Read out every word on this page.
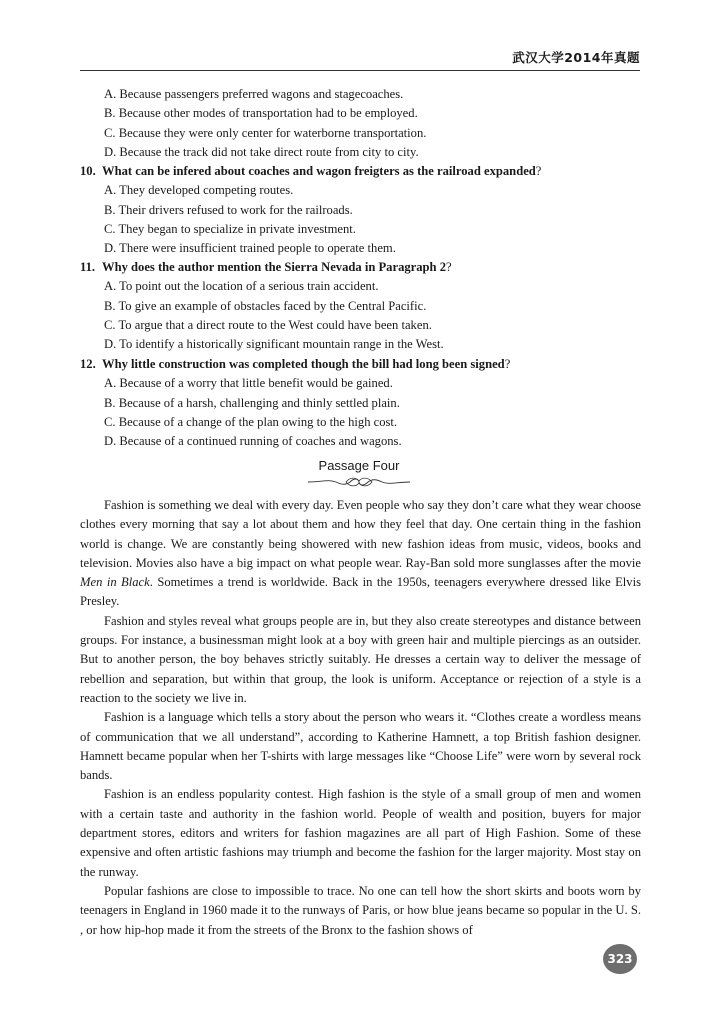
武汉大学2014年真题
A. Because passengers preferred wagons and stagecoaches.
B. Because other modes of transportation had to be employed.
C. Because they were only center for waterborne transportation.
D. Because the track did not take direct route from city to city.
10. What can be infered about coaches and wagon freigters as the railroad expanded?
A. They developed competing routes.
B. Their drivers refused to work for the railroads.
C. They began to specialize in private investment.
D. There were insufficient trained people to operate them.
11. Why does the author mention the Sierra Nevada in Paragraph 2?
A. To point out the location of a serious train accident.
B. To give an example of obstacles faced by the Central Pacific.
C. To argue that a direct route to the West could have been taken.
D. To identify a historically significant mountain range in the West.
12. Why little construction was completed though the bill had long been signed?
A. Because of a worry that little benefit would be gained.
B. Because of a harsh, challenging and thinly settled plain.
C. Because of a change of the plan owing to the high cost.
D. Because of a continued running of coaches and wagons.
Passage Four

Fashion is something we deal with every day. Even people who say they don’t care what they wear choose clothes every morning that say a lot about them and how they feel that day. One certain thing in the fashion world is change. We are constantly being showered with new fashion ideas from music, videos, books and television. Movies also have a big impact on what people wear. Ray-Ban sold more sunglasses after the movie Men in Black. Sometimes a trend is worldwide. Back in the 1950s, teenagers everywhere dressed like Elvis Presley.

Fashion and styles reveal what groups people are in, but they also create stereotypes and distance between groups. For instance, a businessman might look at a boy with green hair and multiple piercings as an outsider. But to another person, the boy behaves strictly suitably. He dresses a certain way to deliver the message of rebellion and separation, but within that group, the look is uniform. Acceptance or rejection of a style is a reaction to the society we live in.

Fashion is a language which tells a story about the person who wears it. “Clothes create a wordless means of communication that we all understand”, according to Katherine Hamnett, a top British fashion designer. Hamnett became popular when her T-shirts with large messages like “Choose Life” were worn by several rock bands.

Fashion is an endless popularity contest. High fashion is the style of a small group of men and women with a certain taste and authority in the fashion world. People of wealth and position, buyers for major department stores, editors and writers for fashion magazines are all part of High Fashion. Some of these expensive and often artistic fashions may triumph and become the fashion for the larger majority. Most stay on the runway.

Popular fashions are close to impossible to trace. No one can tell how the short skirts and boots worn by teenagers in England in 1960 made it to the runways of Paris, or how blue jeans became so popular in the U. S. , or how hip-hop made it from the streets of the Bronx to the fashion shows of

323
